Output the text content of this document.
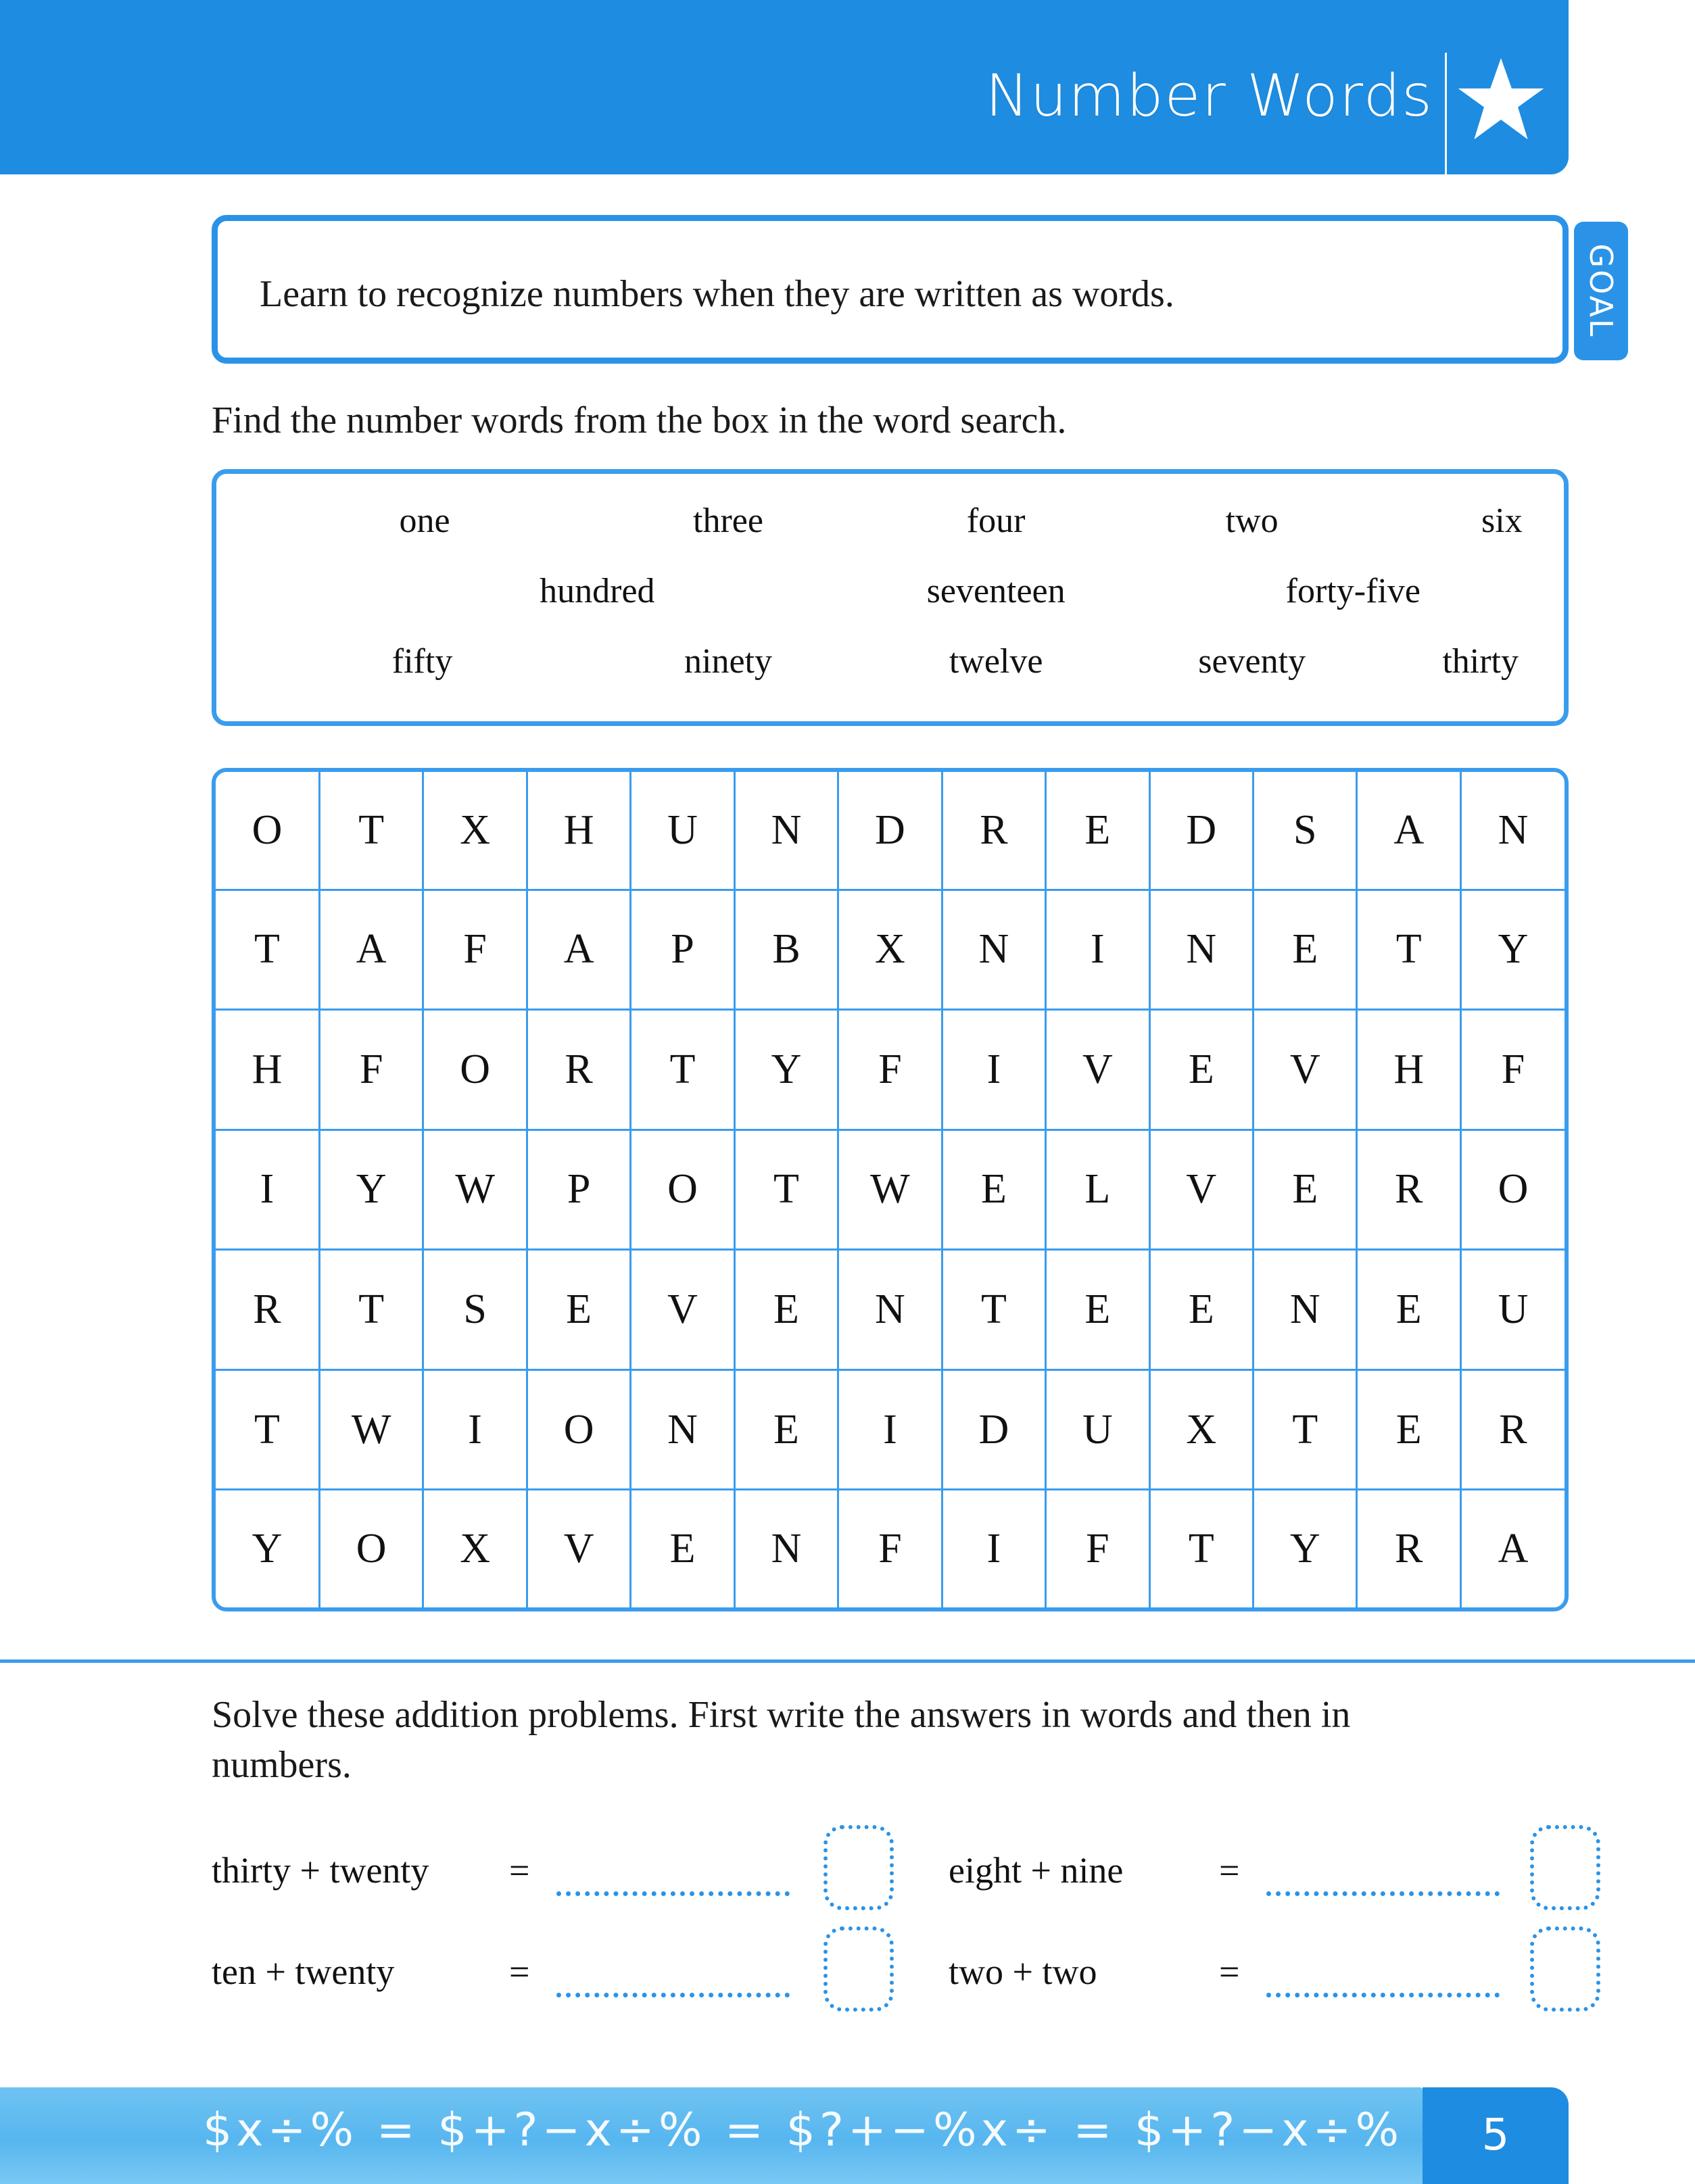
Number Words
Learn to recognize numbers when they are written as words.	GOAL
Find the number words from the box in the word search.
one	three	four	two	six
hundred	seventeen	forty-five
fifty	ninety	twelve	seventy	thirty
O	T	X	H	U	N	D	R	E	D	S	A	N
T	A	F	A	P	B	X	N	I	N	E	T	Y
H	F	O	R	T	Y	F	I	V	E	V	H	F
I	Y	W	P	O	T	W	E	L	V	E	R	O
R	T	S	E	V	E	N	T	E	E	N	E	U
T	W	I	O	N	E	I	D	U	X	T	E	R
Y	O	X	V	E	N	F	I	F	T	Y	R	A
Solve these addition problems. First write the answers in words and then in numbers.
thirty + twenty =	eight + nine	=
ten + twenty	=	two + two	=
$x÷% = $+?−x÷% = $?+−%x÷ = $+?−x÷%	5
